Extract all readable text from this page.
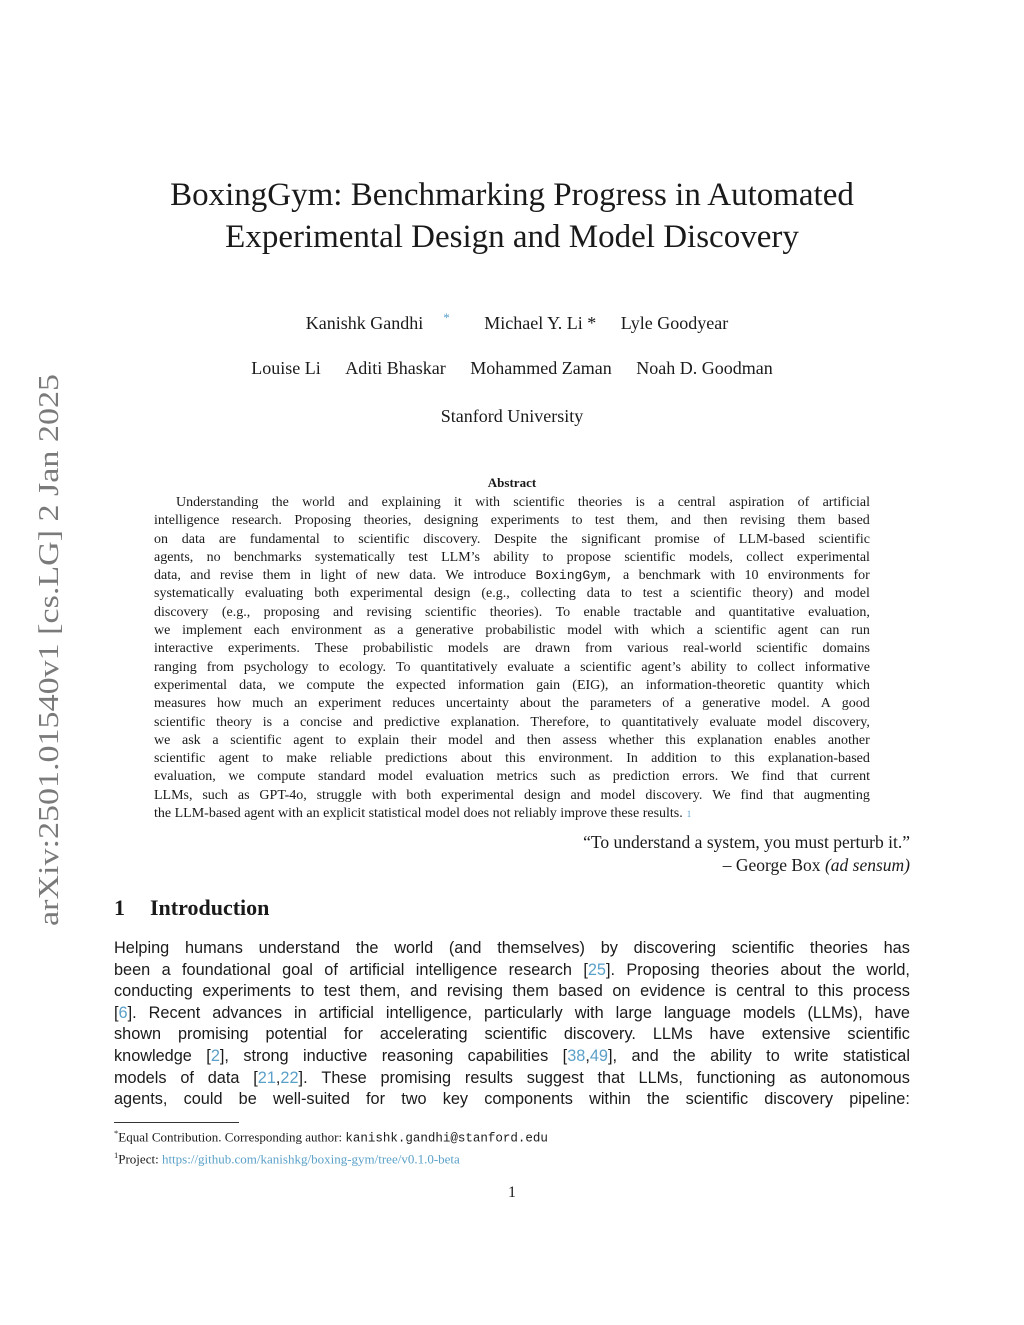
arXiv:2501.01540v1 [cs.LG] 2 Jan 2025
BoxingGym: Benchmarking Progress in Automated
Experimental Design and Model Discovery
Kanishk Gandhi * Michael Y. Li * Lyle Goodyear
Louise Li Aditi Bhaskar Mohammed Zaman Noah D. Goodman
Stanford University
Abstract
Understanding the world and explaining it with scientific theories is a central aspiration of artificial
intelligence research. Proposing theories, designing experiments to test them, and then revising them based
on data are fundamental to scientific discovery. Despite the significant promise of LLM-based scientific
agents, no benchmarks systematically test LLM’s ability to propose scientific models, collect experimental
data, and revise them in light of new data. We introduce BoxingGym, a benchmark with 10 environments for
systematically evaluating both experimental design (e.g., collecting data to test a scientific theory) and model
discovery (e.g., proposing and revising scientific theories). To enable tractable and quantitative evaluation,
we implement each environment as a generative probabilistic model with which a scientific agent can run
interactive experiments. These probabilistic models are drawn from various real-world scientific domains
ranging from psychology to ecology. To quantitatively evaluate a scientific agent’s ability to collect informative
experimental data, we compute the expected information gain (EIG), an information-theoretic quantity which
measures how much an experiment reduces uncertainty about the parameters of a generative model. A good
scientific theory is a concise and predictive explanation. Therefore, to quantitatively evaluate model discovery,
we ask a scientific agent to explain their model and then assess whether this explanation enables another
scientific agent to make reliable predictions about this environment. In addition to this explanation-based
evaluation, we compute standard model evaluation metrics such as prediction errors. We find that current
LLMs, such as GPT-4o, struggle with both experimental design and model discovery. We find that augmenting
the LLM-based agent with an explicit statistical model does not reliably improve these results. 1
“To understand a system, you must perturb it.”
– George Box (ad sensum)
1 Introduction
Helping humans understand the world (and themselves) by discovering scientific theories has
been a foundational goal of artificial intelligence research [25]. Proposing theories about the world,
conducting experiments to test them, and revising them based on evidence is central to this process
[6]. Recent advances in artificial intelligence, particularly with large language models (LLMs), have
shown promising potential for accelerating scientific discovery. LLMs have extensive scientific
knowledge [2], strong inductive reasoning capabilities [38,49], and the ability to write statistical
models of data [21,22]. These promising results suggest that LLMs, functioning as autonomous
agents, could be well-suited for two key components within the scientific discovery pipeline:
*Equal Contribution. Corresponding author: kanishk.gandhi@stanford.edu
$^1$Project: https://github.com/kanishkg/boxing-gym/tree/v0.1.0-beta
1
